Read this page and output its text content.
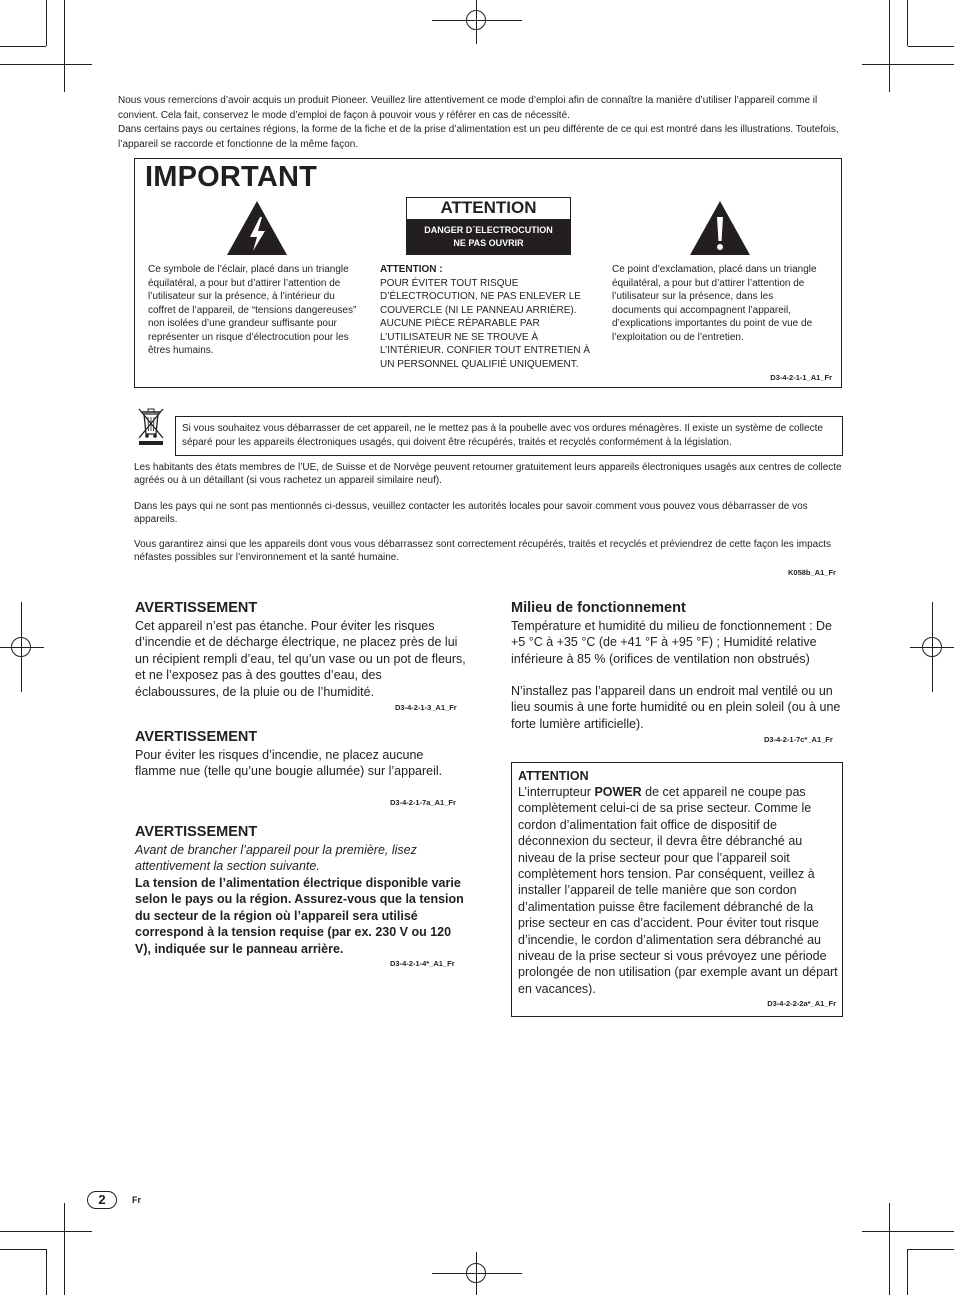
Nous vous remercions d’avoir acquis un produit Pioneer. Veuillez lire attentivement ce mode d’emploi afin de connaître la manière d’utiliser l’appareil comme il convient. Cela fait, conservez le mode d’emploi de façon à pouvoir vous y référer en cas de nécessité.

Dans certains pays ou certaines régions, la forme de la fiche et de la prise d’alimentation est un peu différente de ce qui est montré dans les illustrations. Toutefois, l’appareil se raccorde et fonctionne de la même façon.

IMPORTANT
ATTENTION
DANGER D´ELECTROCUTION
NE PAS OUVRIR
Ce symbole de l’éclair, placé dans un triangle équilatéral, a pour but d’attirer l’attention de l’utilisateur sur la présence, à l’intérieur du coffret de l’appareil, de “tensions dangereuses” non isolées d’une grandeur suffisante pour représenter un risque d’électrocution pour les êtres humains.
ATTENTION :
POUR ÉVITER TOUT RISQUE D’ÉLECTROCUTION, NE PAS ENLEVER LE COUVERCLE (NI LE PANNEAU ARRIÈRE). AUCUNE PIÈCE RÉPARABLE PAR L’UTILISATEUR NE SE TROUVE À L’INTÉRIEUR. CONFIER TOUT ENTRETIEN À UN PERSONNEL QUALIFIÉ UNIQUEMENT.
Ce point d’exclamation, placé dans un triangle équilatéral, a pour but d’attirer l’attention de l’utilisateur sur la présence, dans les documents qui accompagnent l’appareil, d’explications importantes du point de vue de l’exploitation ou de l’entretien.
D3-4-2-1-1_A1_Fr
Si vous souhaitez vous débarrasser de cet appareil, ne le mettez pas à la poubelle avec vos ordures ménagères. Il existe un système de collecte séparé pour les appareils électroniques usagés, qui doivent être récupérés, traités et recyclés conformément à la législation.

Les habitants des états membres de l’UE, de Suisse et de Norvège peuvent retourner gratuitement leurs appareils électroniques usagés aux centres de collecte agréés ou à un détaillant (si vous rachetez un appareil similaire neuf).

Dans les pays qui ne sont pas mentionnés ci-dessus, veuillez contacter les autorités locales pour savoir comment vous pouvez vous débarrasser de vos appareils.

Vous garantirez ainsi que les appareils dont vous vous débarrassez sont correctement récupérés, traités et recyclés et préviendrez de cette façon les impacts néfastes possibles sur l’environnement et la santé humaine.

K058b_A1_Fr
AVERTISSEMENT
Cet appareil n’est pas étanche. Pour éviter les risques d’incendie et de décharge électrique, ne placez près de lui un récipient rempli d’eau, tel qu’un vase ou un pot de fleurs, et ne l’exposez pas à des gouttes d’eau, des éclaboussures, de la pluie ou de l’humidité.
D3-4-2-1-3_A1_Fr
AVERTISSEMENT
Pour éviter les risques d’incendie, ne placez aucune flamme nue (telle qu’une bougie allumée) sur l’appareil.
D3-4-2-1-7a_A1_Fr
AVERTISSEMENT
Avant de brancher l’appareil pour la première, lisez attentivement la section suivante.
La tension de l’alimentation électrique disponible varie selon le pays ou la région. Assurez-vous que la tension du secteur de la région où l’appareil sera utilisé correspond à la tension requise (par ex. 230 V ou 120 V), indiquée sur le panneau arrière.
D3-4-2-1-4*_A1_Fr
Milieu de fonctionnement
Température et humidité du milieu de fonctionnement : De +5 °C à +35 °C (de +41 °F à +95 °F) ; Humidité relative inférieure à 85 % (orifices de ventilation non obstrués)
N’installez pas l’appareil dans un endroit mal ventilé ou un lieu soumis à une forte humidité ou en plein soleil (ou à une forte lumière artificielle).
D3-4-2-1-7c*_A1_Fr
ATTENTION
L’interrupteur POWER de cet appareil ne coupe pas complètement celui-ci de sa prise secteur. Comme le cordon d’alimentation fait office de dispositif de déconnexion du secteur, il devra être débranché au niveau de la prise secteur pour que l’appareil soit complètement hors tension. Par conséquent, veillez à installer l’appareil de telle manière que son cordon d’alimentation puisse être facilement débranché de la prise secteur en cas d’accident. Pour éviter tout risque d’incendie, le cordon d’alimentation sera débranché au niveau de la prise secteur si vous prévoyez une période prolongée de non utilisation (par exemple avant un départ en vacances).
D3-4-2-2-2a*_A1_Fr
2	Fr
